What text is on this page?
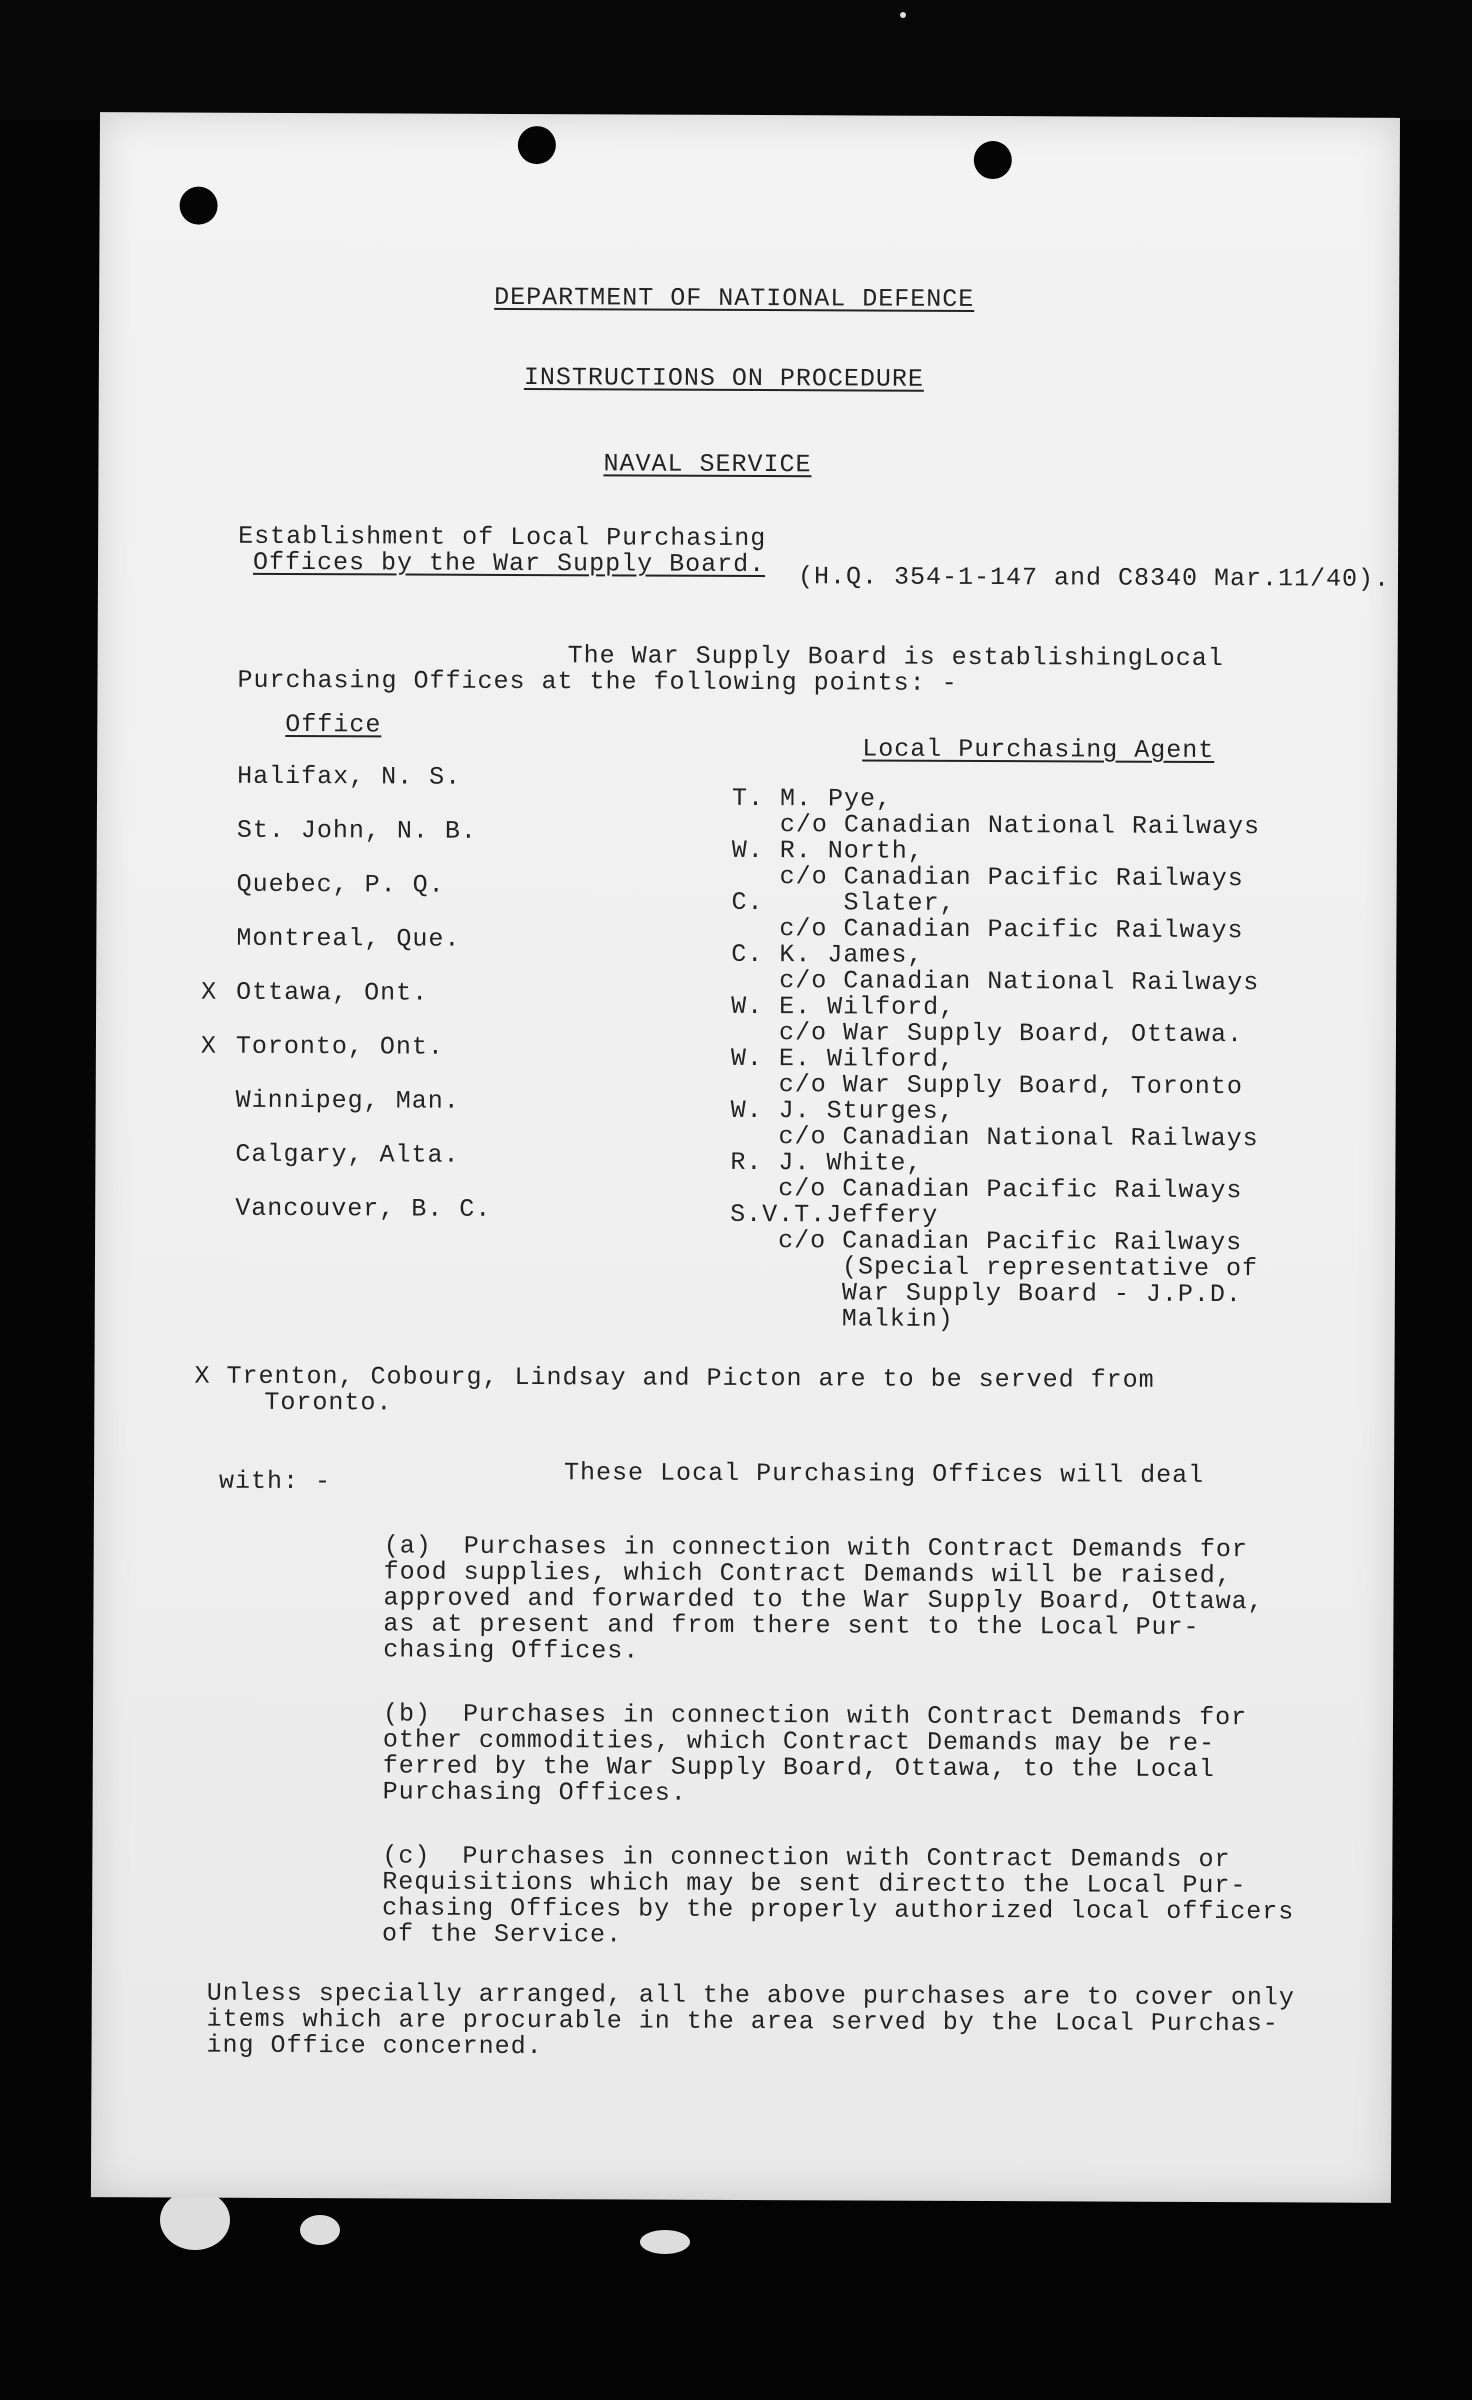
DEPARTMENT OF NATIONAL DEFENCE
INSTRUCTIONS ON PROCEDURE
NAVAL SERVICE
Establishment of Local Purchasing
Offices by the War Supply Board. (H.Q. 354-1-147 and C8340 Mar.11/40).
The War Supply Board is establishingLocal
Purchasing Offices at the following points: -
Office
Local Purchasing Agent
Halifax, N. S.
St. John, N. B.
Quebec, P. Q.
Montreal, Que.
X Ottawa, Ont.
X Toronto, Ont.
Winnipeg, Man.
Calgary, Alta.
Vancouver, B. C.
T. M. Pye,
c/o Canadian National Railways
W. R. North,
c/o Canadian Pacific Railways
C.     Slater,
c/o Canadian Pacific Railways
C. K. James,
c/o Canadian National Railways
W. E. Wilford,
c/o War Supply Board, Ottawa.
W. E. Wilford,
c/o War Supply Board, Toronto
W. J. Sturges,
c/o Canadian National Railways
R. J. White,
c/o Canadian Pacific Railways
S.V.T.Jeffery
c/o Canadian Pacific Railways
(Special representative of
War Supply Board - J.P.D.
Malkin)
X Trenton, Cobourg, Lindsay and Picton are to be served from
Toronto.
These Local Purchasing Offices will deal
with: -
(a)  Purchases in connection with Contract Demands for
food supplies, which Contract Demands will be raised,
approved and forwarded to the War Supply Board, Ottawa,
as at present and from there sent to the Local Pur-
chasing Offices.
(b)  Purchases in connection with Contract Demands for
other commodities, which Contract Demands may be re-
ferred by the War Supply Board, Ottawa, to the Local
Purchasing Offices.
(c)  Purchases in connection with Contract Demands or
Requisitions which may be sent directto the Local Pur-
chasing Offices by the properly authorized local officers
of the Service.
Unless specially arranged, all the above purchases are to cover only
items which are procurable in the area served by the Local Purchas-
ing Office concerned.
